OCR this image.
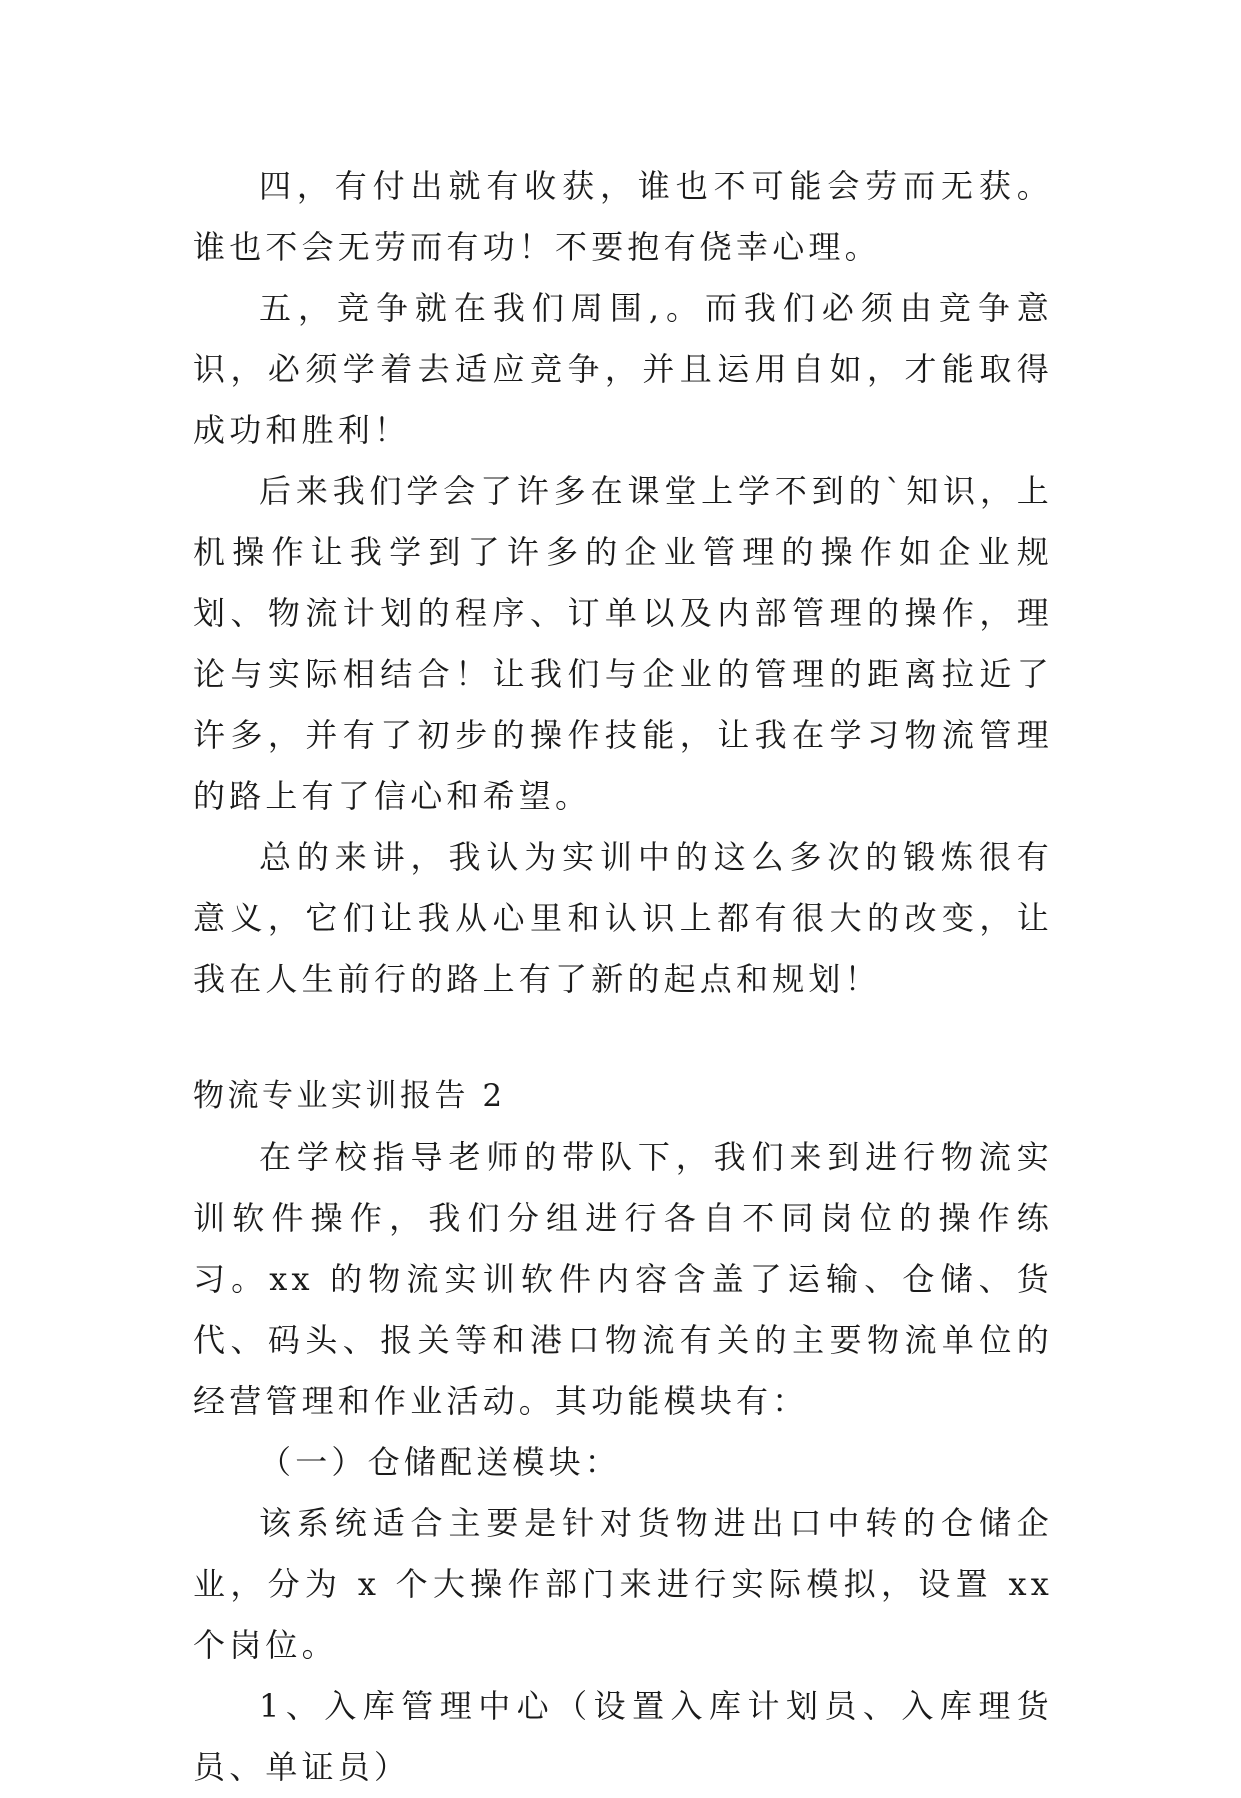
四，有付出就有收获，谁也不可能会劳而无获。谁也不会无劳而有功！不要抱有侥幸心理。

五，竞争就在我们周围,。而我们必须由竞争意识，必须学着去适应竞争，并且运用自如，才能取得成功和胜利！

后来我们学会了许多在课堂上学不到的`知识，上机操作让我学到了许多的企业管理的操作如企业规划、物流计划的程序、订单以及内部管理的操作，理论与实际相结合！让我们与企业的管理的距离拉近了许多，并有了初步的操作技能，让我在学习物流管理的路上有了信心和希望。

总的来讲，我认为实训中的这么多次的锻炼很有意义，它们让我从心里和认识上都有很大的改变，让我在人生前行的路上有了新的起点和规划！

物流专业实训报告 2

在学校指导老师的带队下，我们来到进行物流实训软件操作，我们分组进行各自不同岗位的操作练习。xx 的物流实训软件内容含盖了运输、仓储、货代、码头、报关等和港口物流有关的主要物流单位的经营管理和作业活动。其功能模块有：

（一）仓储配送模块：

该系统适合主要是针对货物进出口中转的仓储企业，分为 x 个大操作部门来进行实际模拟，设置 xx 个岗位。

1、入库管理中心（设置入库计划员、入库理货员、单证员）
